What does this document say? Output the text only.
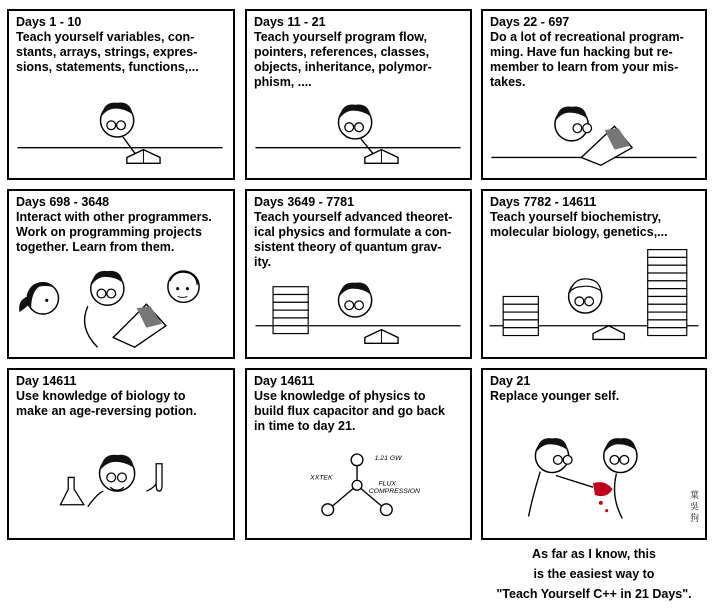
Days 1 - 10
Teach yourself variables, con-
stants, arrays, strings, expres-
sions, statements, functions,...
Days 11 - 21
Teach yourself program flow,
pointers, references, classes,
objects, inheritance, polymor-
phism, ....
Days 22 - 697
Do a lot of recreational program-
ming. Have fun hacking but re-
member to learn from your mis-
takes.
Days 698 - 3648
Interact with other programmers.
Work on programming projects
together. Learn from them.
Days 3649 - 7781
Teach yourself advanced theoret-
ical physics and formulate a con-
sistent theory of quantum grav-
ity.
Days 7782 - 14611
Teach yourself biochemistry,
molecular biology, genetics,...
Day 14611
Use knowledge of biology to
make an age-reversing potion.
Day 14611
Use knowledge of physics to
build flux capacitor and go back
in time to day 21.
1.21 GW
XXTEK
FLUX
COMPRESSION
Day 21
Replace younger self.
葉 吳 狗
As far as I know, this
is the easiest way to
"Teach Yourself C++ in 21 Days".
